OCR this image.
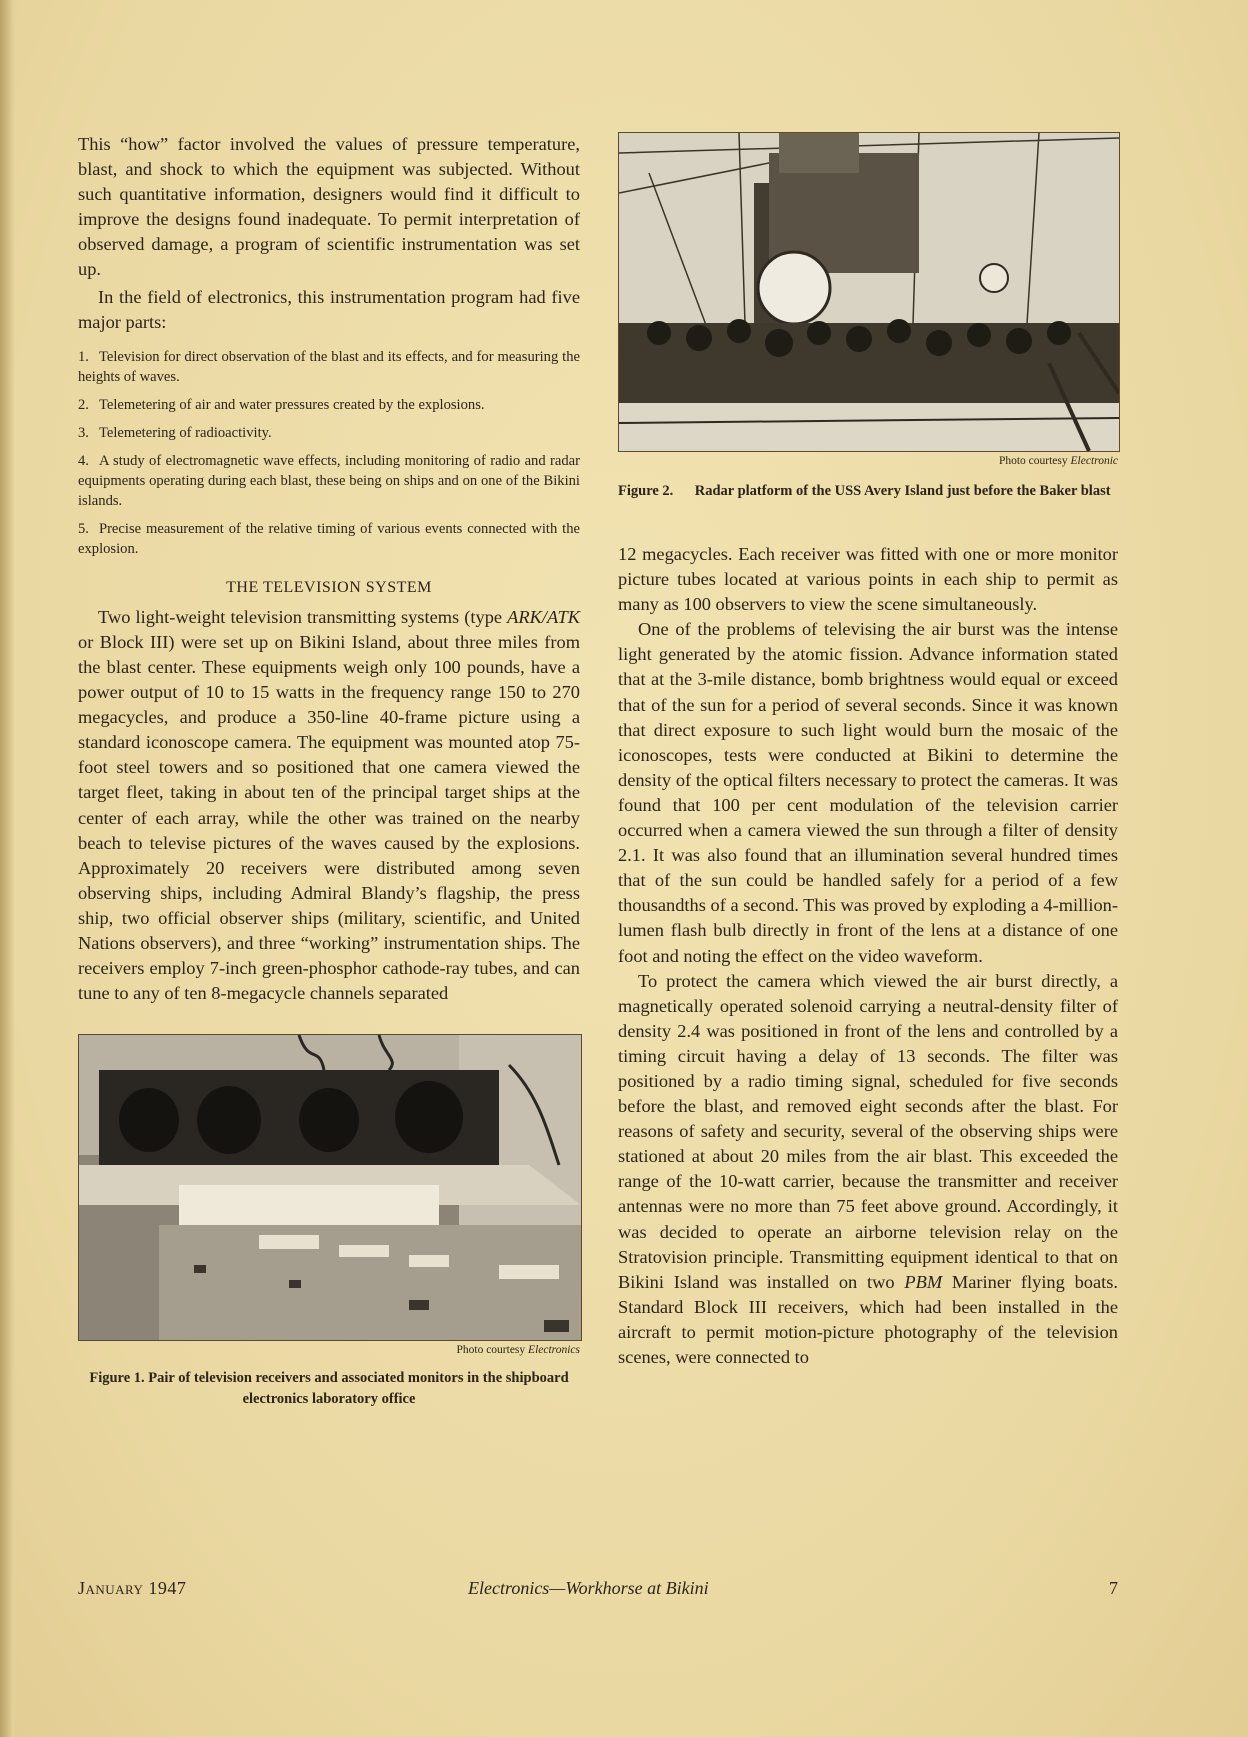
This “how” factor involved the values of pressure temperature, blast, and shock to which the equipment was subjected. Without such quantitative information, designers would find it difficult to improve the designs found inadequate. To permit interpretation of observed damage, a program of scientific instrumentation was set up.

In the field of electronics, this instrumentation program had five major parts:

1. Television for direct observation of the blast and its effects, and for measuring the heights of waves.
2. Telemetering of air and water pressures created by the explosions.
3. Telemetering of radioactivity.
4. A study of electromagnetic wave effects, including monitoring of radio and radar equipments operating during each blast, these being on ships and on one of the Bikini islands.
5. Precise measurement of the relative timing of various events connected with the explosion.
THE TELEVISION SYSTEM

Two light-weight television transmitting systems (type ARK/ATK or Block III) were set up on Bikini Island, about three miles from the blast center. These equipments weigh only 100 pounds, have a power output of 10 to 15 watts in the frequency range 150 to 270 megacycles, and produce a 350-line 40-frame picture using a standard iconoscope camera. The equipment was mounted atop 75-foot steel towers and so positioned that one camera viewed the target fleet, taking in about ten of the principal target ships at the center of each array, while the other was trained on the nearby beach to televise pictures of the waves caused by the explosions. Approximately 20 receivers were distributed among seven observing ships, including Admiral Blandy’s flagship, the press ship, two official observer ships (military, scientific, and United Nations observers), and three “working” instrumentation ships. The receivers employ 7-inch green-phosphor cathode-ray tubes, and can tune to any of ten 8-megacycle channels separated

Photo courtesy Electronics
Figure 1. Pair of television receivers and associated monitors in the shipboard electronics laboratory office
Photo courtesy Electronic
Figure 2.	Radar platform of the USS Avery Island just before the Baker blast

12 megacycles. Each receiver was fitted with one or more monitor picture tubes located at various points in each ship to permit as many as 100 observers to view the scene simultaneously.

One of the problems of televising the air burst was the intense light generated by the atomic fission. Advance information stated that at the 3-mile distance, bomb brightness would equal or exceed that of the sun for a period of several seconds. Since it was known that direct exposure to such light would burn the mosaic of the iconoscopes, tests were conducted at Bikini to determine the density of the optical filters necessary to protect the cameras. It was found that 100 per cent modulation of the television carrier occurred when a camera viewed the sun through a filter of density 2.1. It was also found that an illumination several hundred times that of the sun could be handled safely for a period of a few thousandths of a second. This was proved by exploding a 4-million-lumen flash bulb directly in front of the lens at a distance of one foot and noting the effect on the video waveform.

To protect the camera which viewed the air burst directly, a magnetically operated solenoid carrying a neutral-density filter of density 2.4 was positioned in front of the lens and controlled by a timing circuit having a delay of 13 seconds. The filter was positioned by a radio timing signal, scheduled for five seconds before the blast, and removed eight seconds after the blast. For reasons of safety and security, several of the observing ships were stationed at about 20 miles from the air blast. This exceeded the range of the 10-watt carrier, because the transmitter and receiver antennas were no more than 75 feet above ground. Accordingly, it was decided to operate an airborne television relay on the Stratovision principle. Transmitting equipment identical to that on Bikini Island was installed on two PBM Mariner flying boats. Standard Block III receivers, which had been installed in the aircraft to permit motion-picture photography of the television scenes, were connected to

January 1947	Electronics—Workhorse at Bikini	7
